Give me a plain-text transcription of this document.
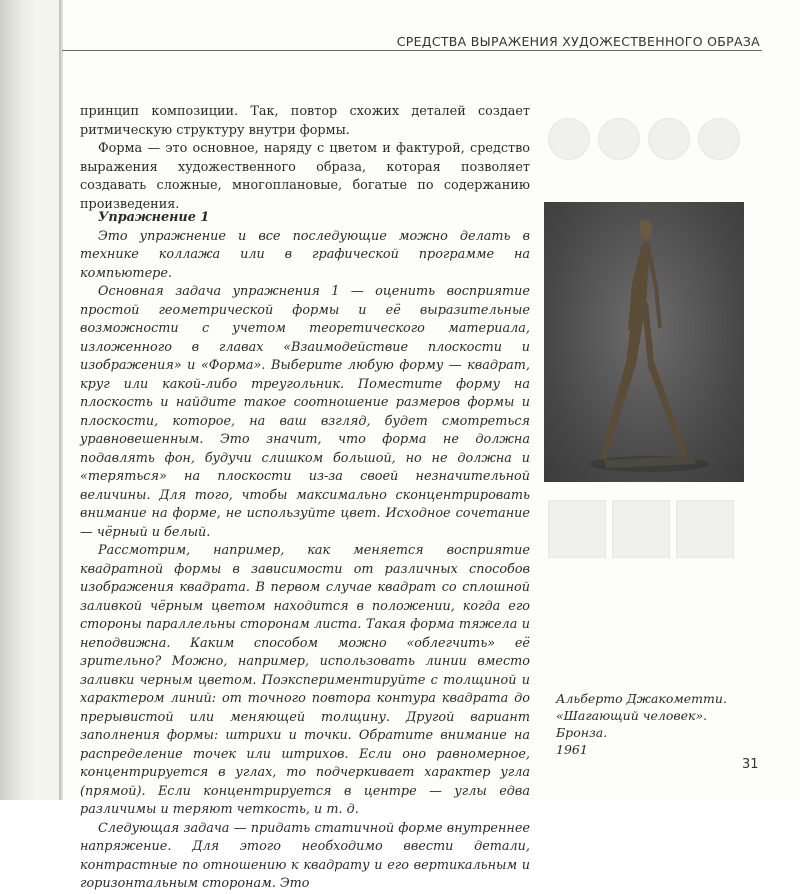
СРЕДСТВА ВЫРАЖЕНИЯ ХУДОЖЕСТВЕННОГО ОБРАЗА

принцип композиции. Так, повтор схожих деталей создает ритмическую структуру внутри формы.

Форма — это основное, наряду с цветом и фактурой, средство выражения художественного образа, которая позволяет создавать сложные, многоплановые, богатые по содержанию произведения.

Упражнение 1

Это упражнение и все последующие можно делать в технике коллажа или в графической программе на компьютере.

Основная задача упражнения 1 — оценить восприятие простой геометрической формы и её выразительные возможности с учетом теоретического материала, изложенного в главах «Взаимодействие плоскости и изображения» и «Форма». Выберите любую форму — квадрат, круг или какой-либо треугольник. Поместите форму на плоскость и найдите такое соотношение размеров формы и плоскости, которое, на ваш взгляд, будет смотреться уравновешенным. Это значит, что форма не должна подавлять фон, будучи слишком большой, но не должна и «теряться» на плоскости из-за своей незначительной величины. Для того, чтобы максимально сконцентрировать внимание на форме, не используйте цвет. Исходное сочетание — чёрный и белый.

Рассмотрим, например, как меняется восприятие квадратной формы в зависимости от различных способов изображения квадрата. В первом случае квадрат со сплошной заливкой чёрным цветом находится в положении, когда его стороны параллельны сторонам листа. Такая форма тяжела и неподвижна. Каким способом можно «облегчить» её зрительно? Можно, например, использовать линии вместо заливки черным цветом. Поэкспериментируйте с толщиной и характером линий: от точного повтора контура квадрата до прерывистой или меняющей толщину. Другой вариант заполнения формы: штрихи и точки. Обратите внимание на распределение точек или штрихов. Если оно равномерное, концентрируется в углах, то подчеркивает характер угла (прямой). Если концентрируется в центре — углы едва различимы и теряют четкость, и т. д.

Следующая задача — придать статичной форме внутреннее напряжение. Для этого необходимо ввести детали, контрастные по отношению к квадрату и его вертикальным и горизонтальным сторонам. Это

Альберто Джакометти.
«Шагающий человек». Бронза.
1961
31
